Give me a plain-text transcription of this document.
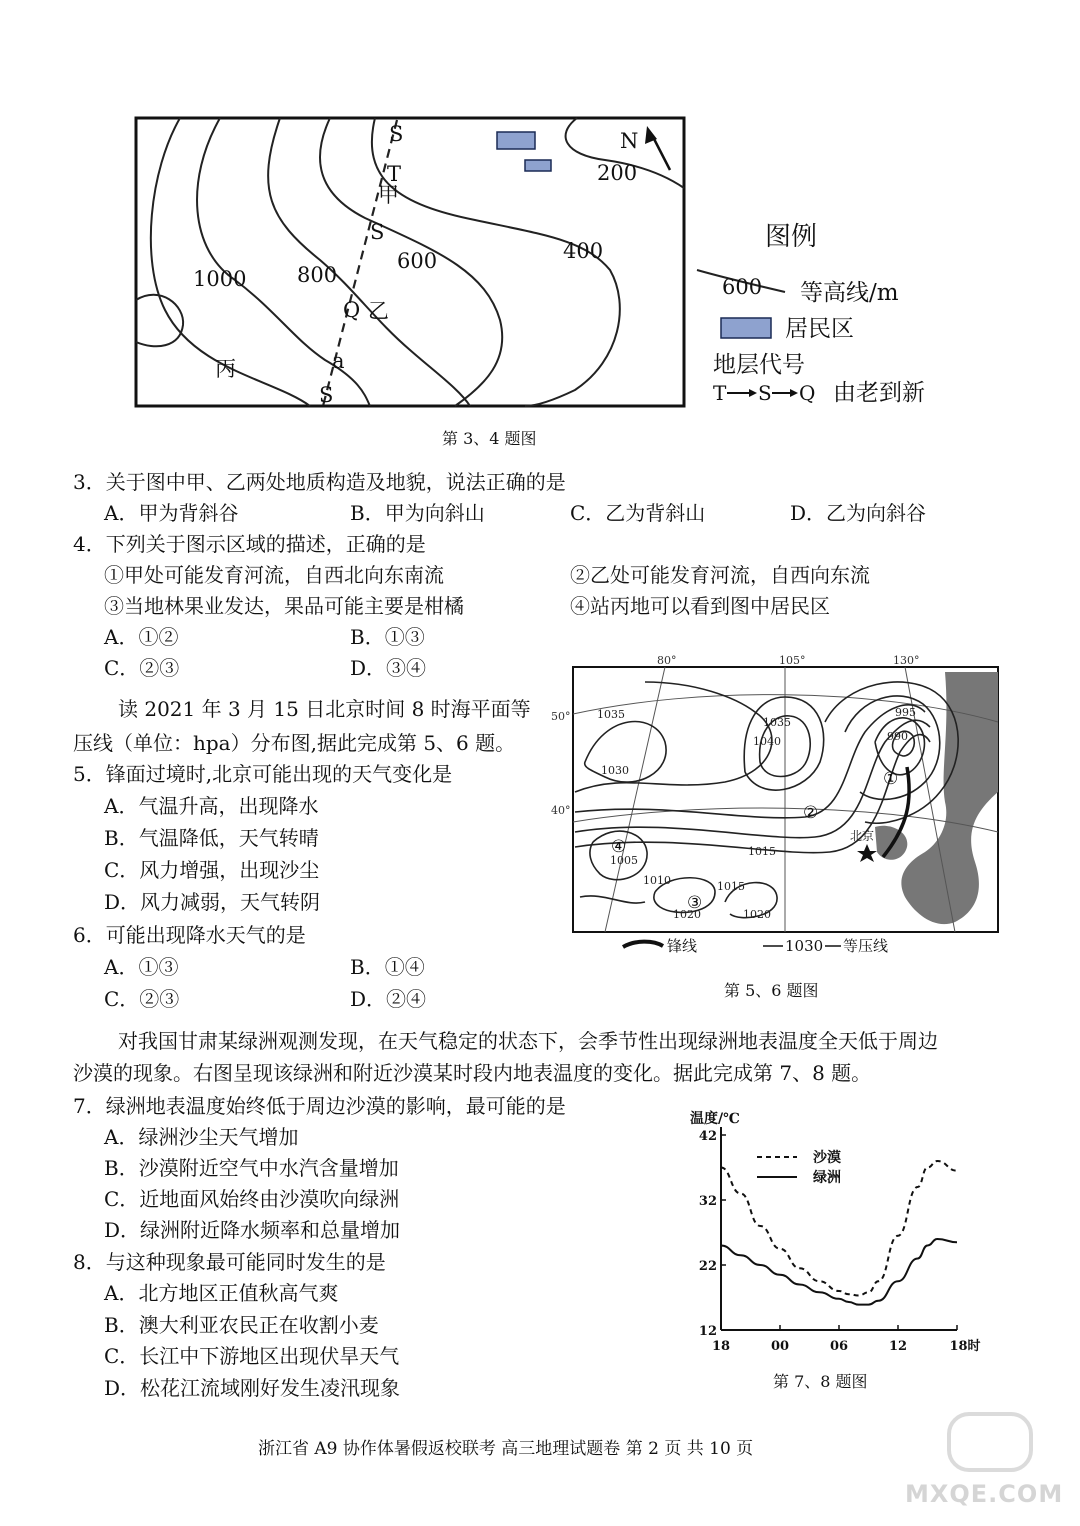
N
1000 800
600	400
200
S
T
S
Q
a
S
甲
乙
丙
图例
600 等高线/m
居民区
地层代号
T S Q 由老到新
第 3、4 题图
3．关于图中甲、乙两处地质构造及地貌，说法正确的是
A．甲为背斜谷	B．甲为向斜山	C．乙为背斜山	D．乙为向斜谷
4．下列关于图示区域的描述，正确的是
①甲处可能发育河流，自西北向东南流	②乙处可能发育河流，自西向东流
③当地林果业发达，果品可能主要是柑橘	④站丙地可以看到图中居民区
A．①②	B．①③
C．②③	D．③④
读 2021 年 3 月 15 日北京时间 8 时海平面等
压线（单位：hpa）分布图,据此完成第 5、6 题。
5．锋面过境时,北京可能出现的天气变化是
A．气温升高，出现降水
B．气温降低，天气转晴
C．风力增强，出现沙尘
D．风力减弱，天气转阴
6．可能出现降水天气的是
A．①③	B．①④
C．②③	D．②④
80°	105°	130°
50°
40°
1035
1035
1040
1030
995
990
1015
1005
1010	1015
1020	1020
北京
①
②
③
④
锋线	1030 等压线
第 5、6 题图
对我国甘肃某绿洲观测发现，在天气稳定的状态下，会季节性出现绿洲地表温度全天低于周边
沙漠的现象。右图呈现该绿洲和附近沙漠某时段内地表温度的变化。据此完成第 7、8 题。
7．绿洲地表温度始终低于周边沙漠的影响，最可能的是
A．绿洲沙尘天气增加
B．沙漠附近空气中水汽含量增加
C．近地面风始终由沙漠吹向绿洲
D．绿洲附近降水频率和总量增加
8．与这种现象最可能同时发生的是
A．北方地区正值秋高气爽
B．澳大利亚农民正在收割小麦
C．长江中下游地区出现伏旱天气
D．松花江流域刚好发生凌汛现象
温度/℃
12
22
32
42
18	00	06	12	18时
沙漠
绿洲
第 7、8 题图
浙江省 A9 协作体暑假返校联考 高三地理试题卷 第 2 页 共 10 页
MXQE.COM
